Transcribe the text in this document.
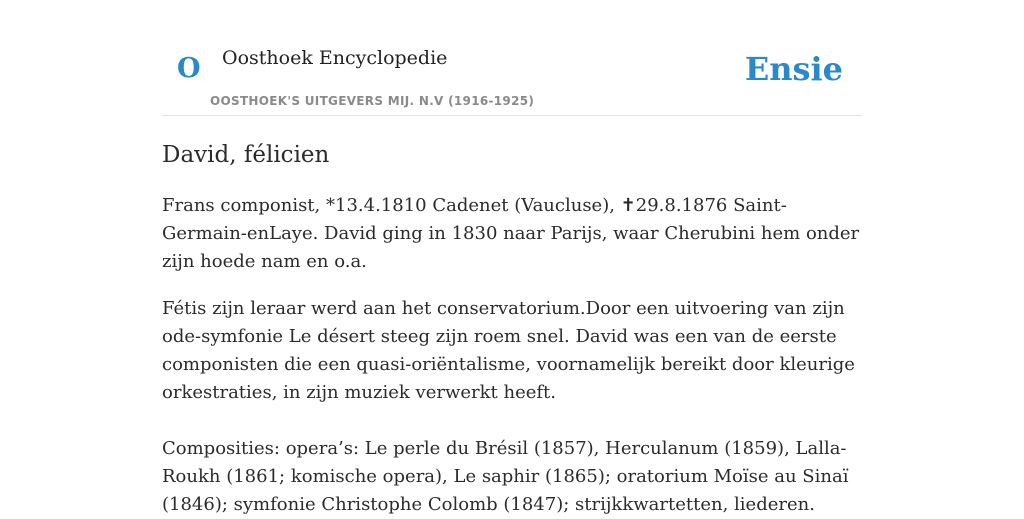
O Oosthoek Encyclopedie
OOSTHOEK'S UITGEVERS MIJ. N.V (1916-1925)
Ensie
David, félicien

Frans componist, *13.4.1810 Cadenet (Vaucluse), ✝29.8.1876 Saint-Germain-enLaye. David ging in 1830 naar Parijs, waar Cherubini hem onder zijn hoede nam en o.a.

Fétis zijn leraar werd aan het conservatorium.Door een uitvoering van zijn ode-symfonie Le désert steeg zijn roem snel. David was een van de eerste componisten die een quasi-oriëntalisme, voornamelijk bereikt door kleurige orkestraties, in zijn muziek verwerkt heeft.

Composities: opera’s: Le perle du Brésil (1857), Herculanum (1859), Lalla-Roukh (1861; komische opera), Le saphir (1865); oratorium Moïse au Sinaï (1846); symfonie Christophe Colomb (1847); strijkkwartetten, liederen.
